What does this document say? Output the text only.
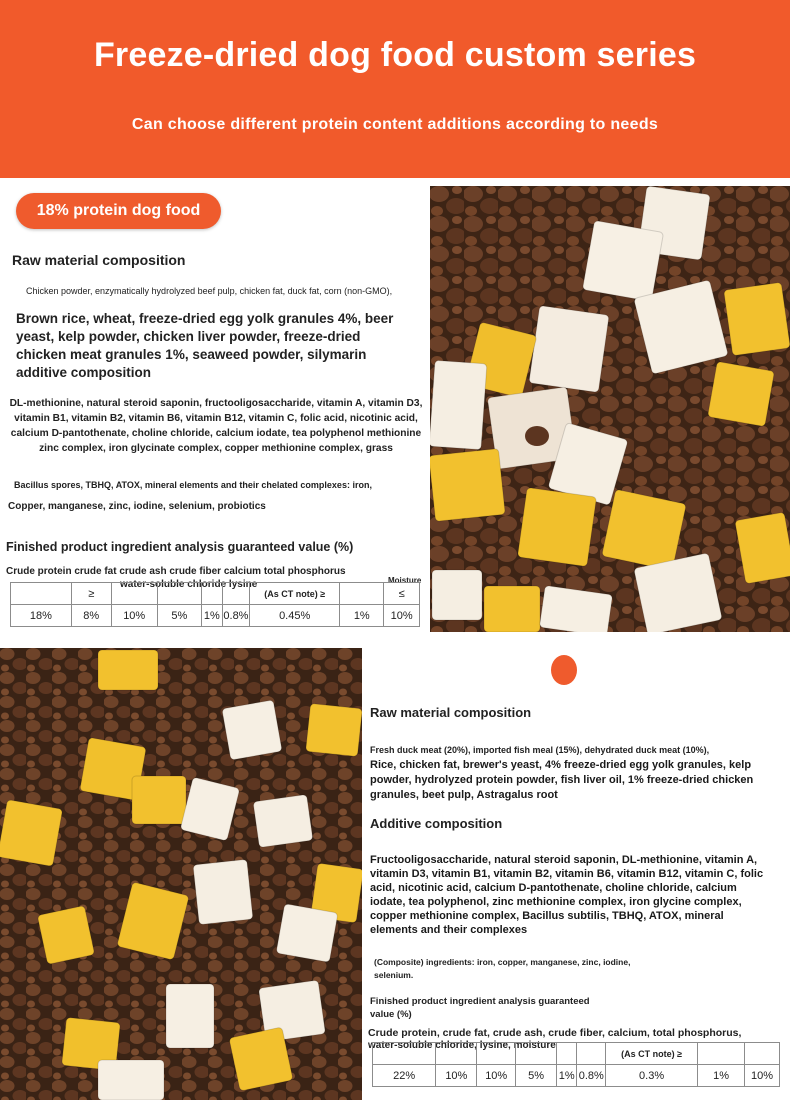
Freeze-dried dog food custom series
Can choose different protein content additions according to needs
18% protein dog food
Raw material composition
Chicken powder, enzymatically hydrolyzed beef pulp, chicken fat, duck fat, corn (non-GMO),
Brown rice, wheat, freeze-dried egg yolk granules 4%, beer yeast, kelp powder, chicken liver powder, freeze-dried chicken meat granules 1%, seaweed powder, silymarin additive composition
DL-methionine, natural steroid saponin, fructooligosaccharide, vitamin A, vitamin D3, vitamin B1, vitamin B2, vitamin B6, vitamin B12, vitamin C, folic acid, nicotinic acid, calcium D-pantothenate, choline chloride, calcium iodate, tea polyphenol methionine zinc complex, iron glycinate complex, copper methionine complex, grass
Bacillus spores, TBHQ, ATOX, mineral elements and their chelated complexes: iron,
Copper, manganese, zinc, iodine, selenium, probiotics
Finished product ingredient analysis guaranteed value (%)
Crude protein crude fat crude ash crude fiber calcium total phosphorus
water-soluble chloride lysine	Moisture
	≥					(As CT note) ≥		≤
18%	8%	10%	5%	1%	0.8%	0.45%	1%	10%
Raw material composition
Fresh duck meat (20%), imported fish meal (15%), dehydrated duck meat (10%),
Rice, chicken fat, brewer's yeast, 4% freeze-dried egg yolk granules, kelp powder, hydrolyzed protein powder, fish liver oil, 1% freeze-dried chicken granules, beet pulp, Astragalus root
Additive composition
Fructooligosaccharide, natural steroid saponin, DL-methionine, vitamin A, vitamin D3, vitamin B1, vitamin B2, vitamin B6, vitamin B12, vitamin C, folic acid, nicotinic acid, calcium D-pantothenate, choline chloride, calcium iodate, tea polyphenol, zinc methionine complex, iron glycine complex, copper methionine complex, Bacillus subtilis, TBHQ, ATOX, mineral elements and their complexes
(Composite) ingredients: iron, copper, manganese, zinc, iodine, selenium.
Finished product ingredient analysis guaranteed value (%)
Crude protein, crude fat, crude ash, crude fiber, calcium, total phosphorus,
water-soluble chloride, lysine, moisture
						(As CT note) ≥		
22%	10%	10%	5%	1%	0.8%	0.3%	1%	10%
